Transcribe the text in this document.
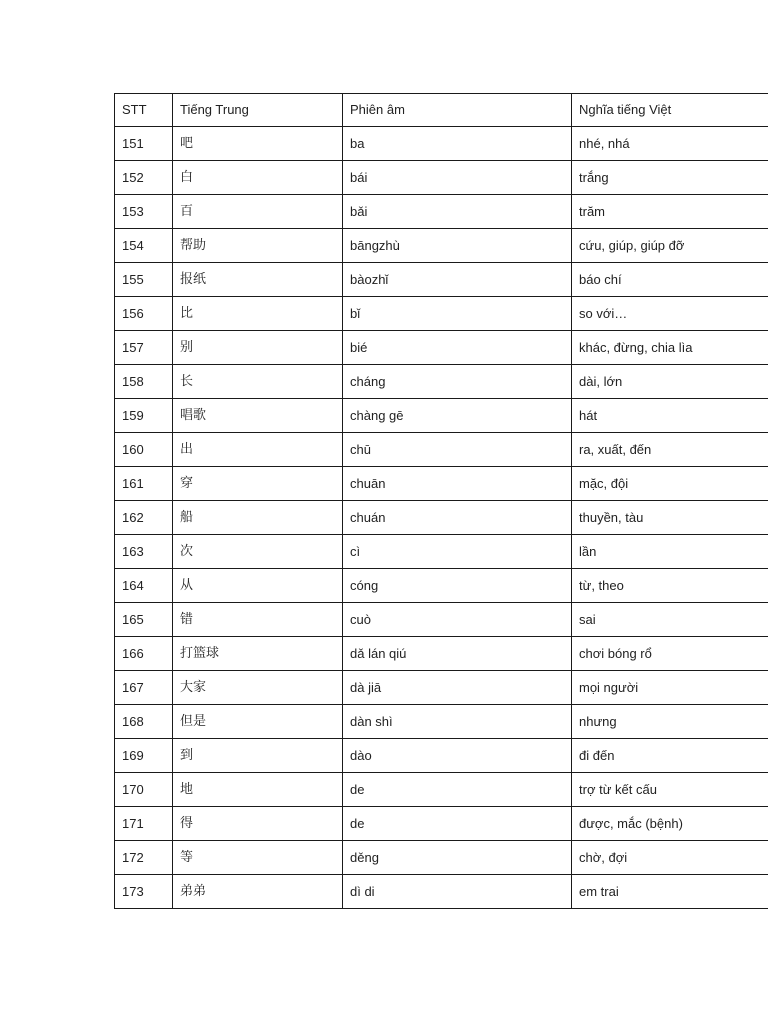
STT	Tiếng Trung	Phiên âm	Nghĩa tiếng Việt
151	吧	ba	nhé, nhá
152	白	bái	trắng
153	百	bǎi	trăm
154	帮助	bāngzhù	cứu, giúp, giúp đỡ
155	报纸	bàozhǐ	báo chí
156	比	bǐ	so với…
157	别	bié	khác, đừng, chia lìa
158	长	cháng	dài, lớn
159	唱歌	chàng gē	hát
160	出	chū	ra, xuất, đến
161	穿	chuān	mặc, đội
162	船	chuán	thuyền, tàu
163	次	cì	lần
164	从	cóng	từ, theo
165	错	cuò	sai
166	打篮球	dǎ lán qiú	chơi bóng rổ
167	大家	dà jiā	mọi người
168	但是	dàn shì	nhưng
169	到	dào	đi đến
170	地	de	trợ từ kết cấu
171	得	de	được, mắc (bệnh)
172	等	děng	chờ, đợi
173	弟弟	dì di	em trai
